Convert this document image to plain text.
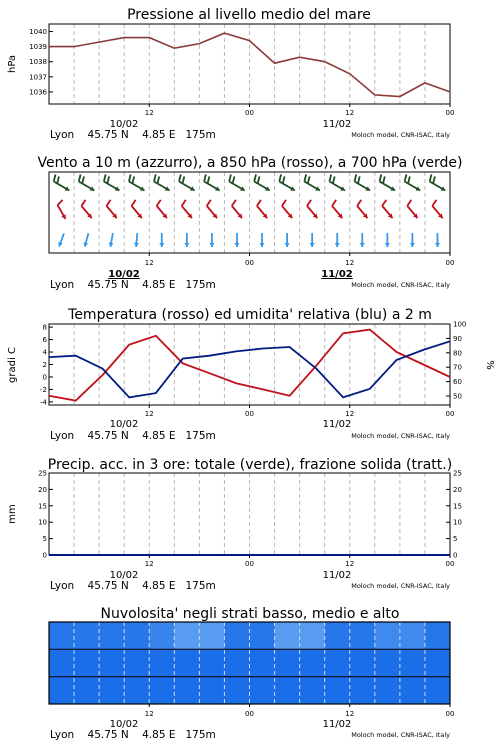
Pressione al livello medio del mare
1036
1037
1038
1039
1040
hPa
12	00	12	00
10/02	11/02
Lyon    45.75 N    4.85 E   175m	Moloch model, CNR-ISAC, Italy
Vento a 10 m (azzurro), a 850 hPa (rosso), a 700 hPa (verde)
12	00	12	00
10/02	11/02
Lyon    45.75 N    4.85 E   175m	Moloch model, CNR-ISAC, Italy
Temperatura (rosso) ed umidita' relativa (blu) a 2 m
-4
-2
0
2
4
6
8
50
60
70
80
90
100
gradi C	%
12	00	12	00
10/02	11/02
Lyon    45.75 N    4.85 E   175m	Moloch model, CNR-ISAC, Italy
Precip. acc. in 3 ore: totale (verde), frazione solida (tratt.)
0
5
10
15
20
25
0
5
10
15
20
25
mm
12	00	12	00
10/02	11/02
Lyon    45.75 N    4.85 E   175m	Moloch model, CNR-ISAC, Italy
Nuvolosita' negli strati basso, medio e alto
12	00	12	00
10/02	11/02
Lyon    45.75 N    4.85 E   175m	Moloch model, CNR-ISAC, Italy
